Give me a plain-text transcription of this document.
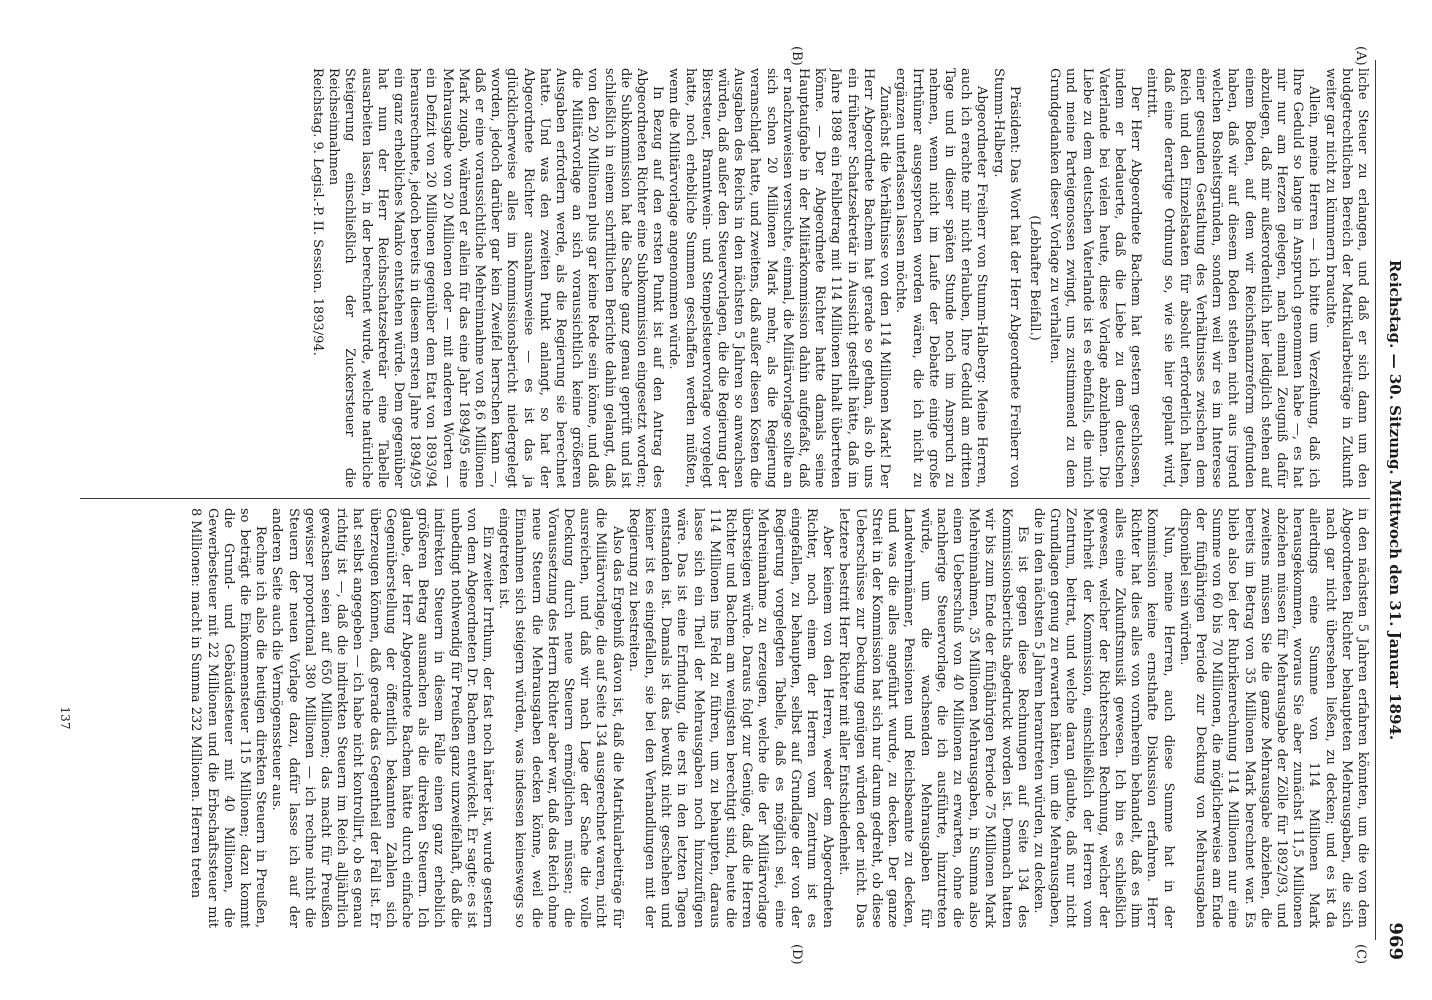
Reichstag. — 30. Sitzung. Mittwoch den 31. Januar 1894.
969
(A)
(B)
(C)
(D)

liche Steuer zu erlangen, und daß er sich dann um den budgetrechtlichen Bereich der Matrikularbeiträge in Zukunft weiter gar nicht zu kümmern brauchte.

Allein, meine Herren — ich bitte um Verzeihung, daß ich Ihre Geduld so lange in Anspruch genommen habe —, es hat mir nur am Herzen gelegen, nach einmal Zeugniß dafür abzulegen, daß mir außerordentlich hier lediglich stehen auf einem Boden, auf dem wir Reichsfinanzreform gefunden haben, daß wir auf diesem Boden stehen nicht aus irgend welchen Bosheitsgründen, sondern weil wir es im Interesse einer gesunden Gestaltung des Verhältnisses zwischen dem Reich und den Einzelstaaten für absolut erforderlich halten, daß eine derartige Ordnung so, wie sie hier geplant wird, eintritt.

Der Herr Abgeordnete Bachem hat gestern geschlossen, indem er bedauerte, daß die Liebe zu dem deutschen Vaterlande bei vielen heute, diese Vorlage abzulehnen. Die Liebe zu dem deutschen Vaterlande ist es ebenfalls, die mich und meine Parteigenossen zwingt, uns zustimmend zu dem Grundgedanken dieser Vorlage zu verhalten.

(Lebhafter Beifall.)

Präsident: Das Wort hat der Herr Abgeordnete Freiherr von Stumm-Halberg.

Abgeordneter Freiherr von Stumm-Halberg: Meine Herren, auch ich erachte mir nicht erlauben, Ihre Geduld am dritten Tage und in dieser späten Stunde noch im Anspruch zu nehmen, wenn nicht im Laufe der Debatte einige große Irrthümer ausgesprochen worden wären, die ich nicht zu ergänzen unterlassen lassen möchte.

Zunächst die Verhältnisse von den 114 Millionen Mark! Der Herr Abgeordnete Bachem hat gerade so gethan, als ob uns ein früherer Schatzsekretär in Aussicht gestellt hätte, daß im Jahre 1898 ein Fehlbetrag mit 114 Millionen Inhalt übertreten könne. — Der Abgeordnete Richter hatte damals seine Hauptaufgabe in der Militärkommission dahin aufgefaßt, daß er nachzuweisen versuchte, einmal, die Militärvorlage sollte an sich schon 20 Millionen Mark mehr, als die Regierung veranschlagt hatte, und zweitens, daß außer diesen Kosten die Ausgaben des Reichs in den nächsten 5 Jahren so anwachsen würden, daß außer den Steuervorlagen, die die Regierung der Biersteuer, Branntwein- und Stempelsteuervorlage vorgelegt hatte, noch erhebliche Summen geschaffen werden müßten, wenn die Militärvorlage angenommen würde.

In Bezug auf den ersten Punkt ist auf den Antrag des Abgeordneten Richter eine Subkommission eingesetzt worden; die Subkommission hat die Sache ganz genau geprüft und ist schließlich in einem schriftlichen Berichte dahin gelangt, daß von den 20 Millionen plus gar keine Rede sein könne, und daß die Militärvorlage an sich voraussichtlich keine größeren Ausgaben erfordern werde, als die Regierung sie berechnet hatte. Und was den zweiten Punkt anlangt, so hat der Abgeordnete Richter ausnahmsweise — es ist das ja glücklicherweise alles im Kommissionsbericht niedergelegt worden, jedoch darüber gar kein Zweifel herrschen kann —, daß er eine voraussichtliche Mehreinnahme von 8,6 Millionen Mark zugab, während er allein für das eine Jahr 1894/95 eine Mehrausgabe von 20 Millionen oder — mit anderen Worten — ein Defizit von 20 Millionen gegenüber dem Etat von 1893/94 herausrechnete, jedoch bereits in diesem ersten Jahre 1894/95 ein ganz erhebliches Manko entstehen würde. Dem gegenüber hat nun der Herr Reichsschatzsekretär eine Tabelle ausarbeiten lassen, in der berechnet wurde, welche natürliche Steigerung einschließlich der Zuckersteuer die Reichseinnahmen

Reichstag. 9. Legisl.-P. II. Session. 1893/94.

in den nächsten 5 Jahren erfahren könnten, um die von dem Abgeordneten Richter behaupteten Mehrausgaben, die sich nach gar nicht übersehen ließen, zu decken; und es ist da allerdings eine Summe von 114 Millionen Mark herausgekommen, woraus Sie aber zunächst 11,5 Millionen abziehen müssen für Mehrausgabe der Zölle für 1892/93, und zweitens müssen Sie die ganze Mehrausgabe abziehen, die bereits im Betrag von 35 Millionen Mark berechnet war. Es blieb also bei der Rubrikenrechnung 114 Millionen nur eine Summe von 60 bis 70 Millionen, die möglicherweise am Ende der fünfjährigen Periode zur Deckung von Mehrausgaben disponibel sein würden.

Nun, meine Herren, auch diese Summe hat in der Kommission keine ernsthafte Diskussion erfahren. Herr Richter hat dies alles von vornherein behandelt, daß es ihm alles eine Zukunftsmusik gewesen. Ich bin es schließlich gewesen, welcher der Richterschen Rechnung, welcher der Mehrheit der Kommission, einschließlich der Herren vom Zentrum, beitrat, und welche daran glaubte, daß nur nicht Grundlagen genug zu erwarten hätten, um die Mehrausgaben, die in den nächsten 5 Jahren herantreten würden, zu decken.

Es ist gegen diese Rechnungen auf Seite 134 des Kommissionsberichts abgedruckt worden ist. Demnach hatten wir bis zum Ende der fünfjährigen Periode 75 Millionen Mark Mehreinnahmen, 35 Millionen Mehrausgaben, in Summa also einen Ueberschuß von 40 Millionen zu erwarten, ohne die nachherige Steuervorlage, die ich ausführte, hinzutreten würde, um die wachsenden Mehrausgaben für Landwehrmänner, Pensionen und Reichsbeamte zu decken, und was die alles angeführt wurde, zu decken. Der ganze Streit in der Kommission hat sich nur darum gedreht, ob diese Ueberschüsse zur Deckung genügen würden oder nicht. Das letztere bestritt Herr Richter mit aller Entschiedenheit.

Aber keinem von den Herren, weder dem Abgeordneten Richter, noch einem der Herren vom Zentrum ist es eingefallen, zu behaupten, selbst auf Grundlage der von der Regierung vorgelegten Tabelle, daß es möglich sei, eine Mehreinnahme zu erzeugen, welche die der Militärvorlage übersteigen würde. Daraus folgt zur Genüge, daß die Herren Richter und Bachem am wenigsten berechtigt sind, heute die 114 Millionen ins Feld zu führen, um zu behaupten, daraus lasse sich ein Theil der Mehrausgaben noch hinzuzufügen wäre. Das ist eine Erfindung, die erst in den letzten Tagen entstanden ist. Damals ist das bewußt nicht geschehen und keiner ist es eingefallen, sie bei den Verhandlungen mit der Regierung zu bestreiten.

Also das Ergebniß davon ist, daß die Matrikularbeiträge für die Militärvorlage, die auf Seite 134 ausgerechnet waren, nicht ausreichen, und daß wir nach Lage der Sache die volle Deckung durch neue Steuern ermöglichen müssen; die Voraussetzung des Herrn Richter aber war, daß das Reich ohne neue Steuern die Mehrausgaben decken könne, weil die Einnahmen sich steigern würden, was indessen keineswegs so eingetreten ist.

Ein zweiter Irrthum, der fast noch härter ist, wurde gestern von dem Abgeordneten Dr. Bachem entwickelt. Er sagte: es ist unbedingt nothwendig für Preußen ganz unzweifelhaft, daß die indirekten Steuern in diesem Falle einen ganz erheblich größeren Betrag ausmachen als die direkten Steuern. Ich glaube, der Herr Abgeordnete Bachem hätte durch einfache Gegenüberstellung der öffentlich bekannten Zahlen sich überzeugen können, daß gerade das Gegentheil der Fall ist. Er hat selbst angegeben — ich habe nicht kontrollirt, ob es genau richtig ist —, daß die indirekten Steuern im Reich alljährlich gewachsen seien auf 650 Millionen; das macht für Preußen gewisser proportional 380 Millionen — ich rechne nicht die Steuern der neuen Vorlage dazu, dafür lasse ich auf der anderen Seite auch die Vermögenssteuer aus.

Rechne ich also die heutigen direkten Steuern in Preußen, so beträgt die Einkommensteuer 115 Millionen; dazu kommt die Grund- und Gebäudesteuer mit 40 Millionen, die Gewerbesteuer mit 22 Millionen und die Erbschaftssteuer mit 8 Millionen: macht in Summa 232 Millionen. Herren treten

137
